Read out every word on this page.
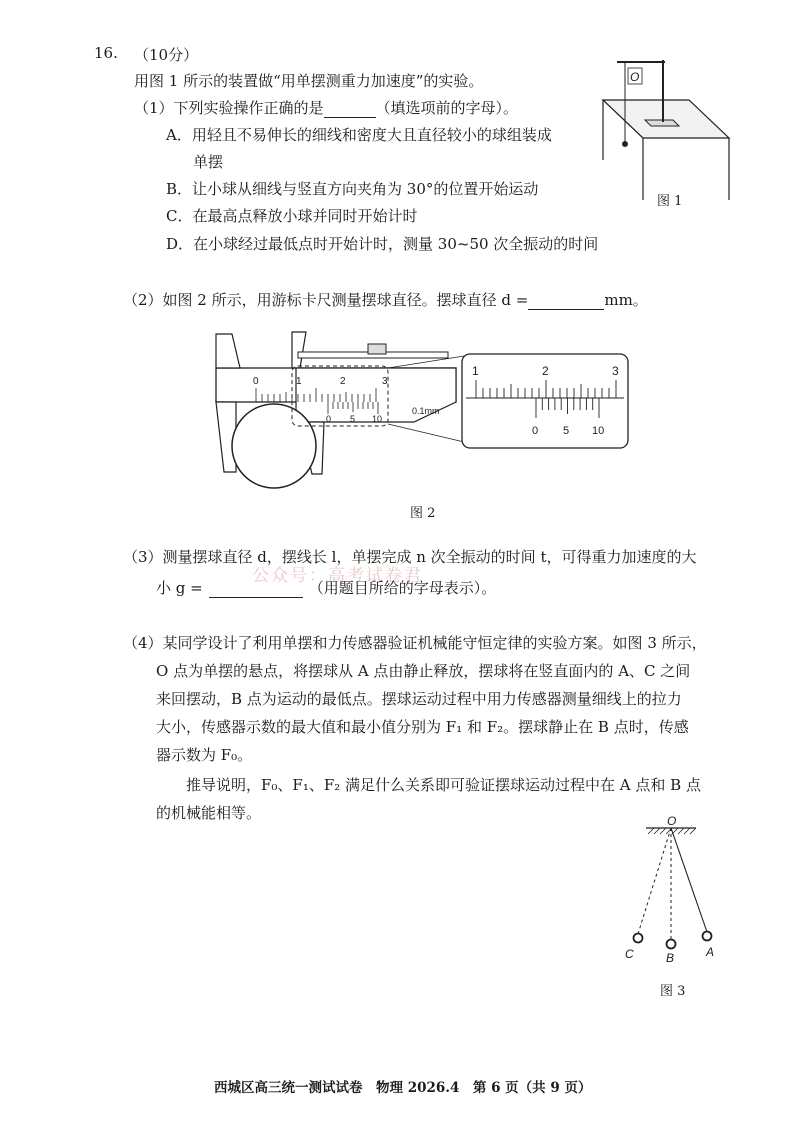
16. （10分）
用图 1 所示的装置做“用单摆测重力加速度”的实验。
（1）下列实验操作正确的是	（填选项前的字母）。
A．用轻且不易伸长的细线和密度大且直径较小的球组装成
单摆
B．让小球从细线与竖直方向夹角为 30°的位置开始运动
C．在最高点释放小球并同时开始计时
D．在小球经过最低点时开始计时，测量 30~50 次全振动的时间
O
图 1
（2）如图 2 所示，用游标卡尺测量摆球直径。摆球直径 d =	mm。
0	1	2	3
0 5 10
0.1mm
1	2	3
0 5 10
图 2
（3）测量摆球直径 d，摆线长 l，单摆完成 n 次全振动的时间 t，可得重力加速度的大
公众号：高考试卷君
小 g =	（用题目所给的字母表示）。
（4）某同学设计了利用单摆和力传感器验证机械能守恒定律的实验方案。如图 3 所示，
O 点为单摆的悬点，将摆球从 A 点由静止释放，摆球将在竖直面内的 A、C 之间
来回摆动，B 点为运动的最低点。摆球运动过程中用力传感器测量细线上的拉力
大小，传感器示数的最大值和最小值分别为 F₁ 和 F₂。摆球静止在 B 点时，传感
器示数为 F₀。
推导说明，F₀、F₁、F₂ 满足什么关系即可验证摆球运动过程中在 A 点和 B 点
的机械能相等。	O
C	B	A
图 3
西城区高三统一测试试卷　物理 2026.4　第 6 页（共 9 页）
